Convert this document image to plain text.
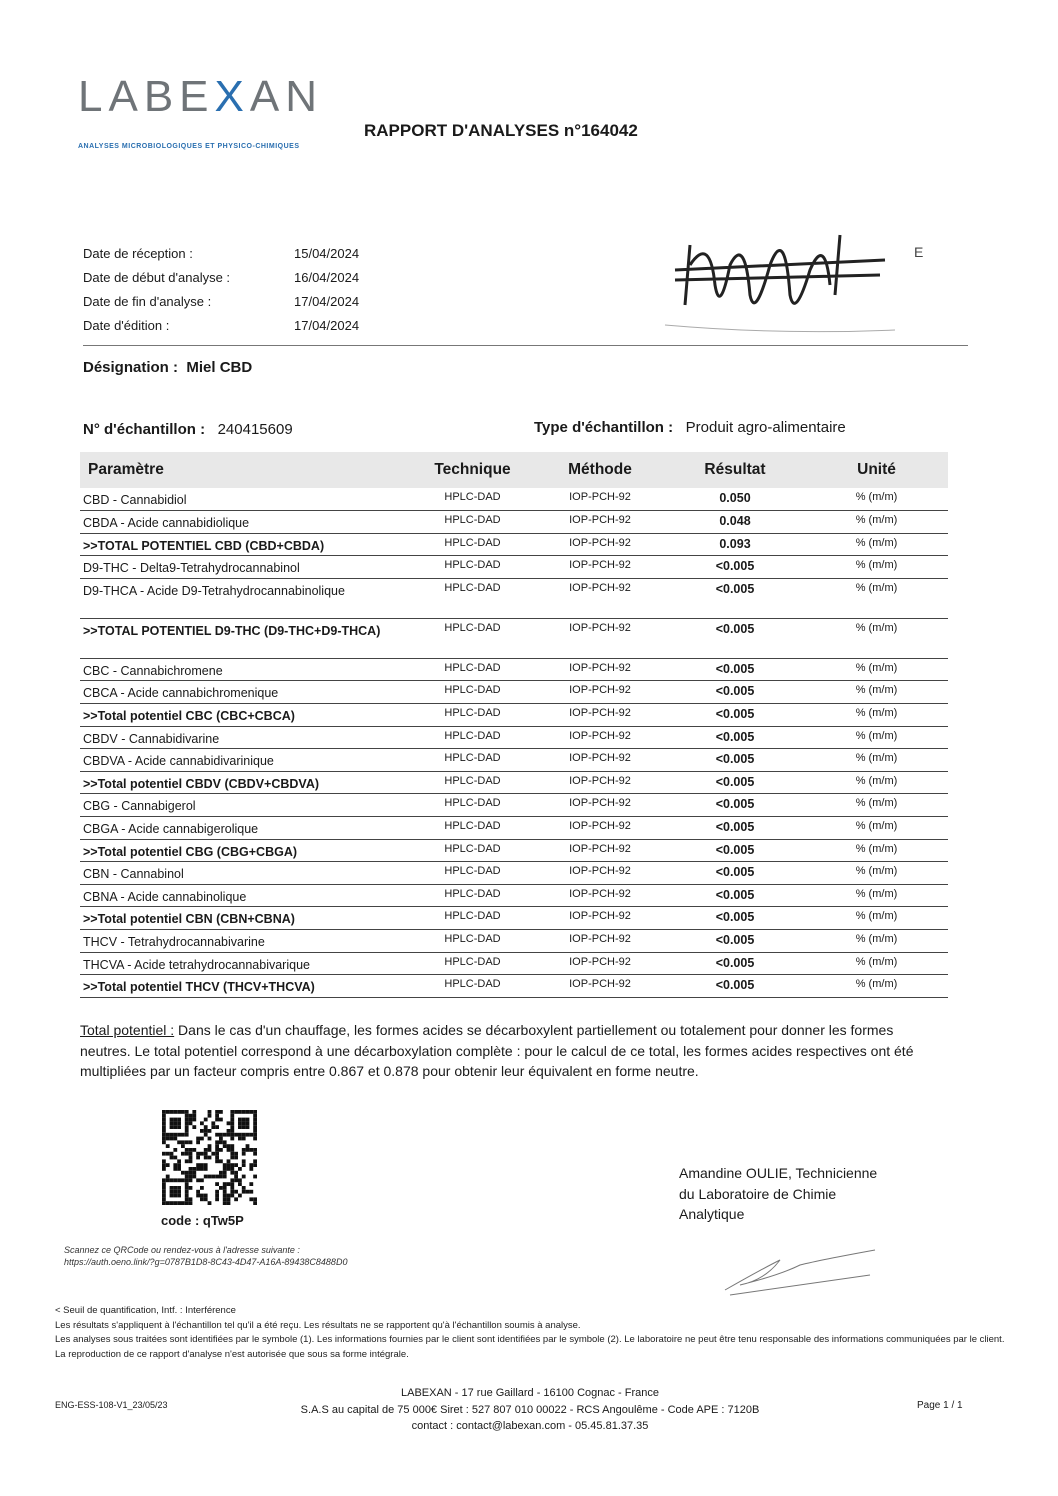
LABEXAN
ANALYSES MICROBIOLOGIQUES ET PHYSICO-CHIMIQUES
RAPPORT D'ANALYSES n°164042
Date de réception :	15/04/2024
Date de début d'analyse :	16/04/2024
Date de fin d'analyse :	17/04/2024
Date d'édition :	17/04/2024
E
Désignation : Miel CBD
N° d'échantillon : 240415609	Type d'échantillon : Produit agro-alimentaire
Paramètre	Technique	Méthode	Résultat	Unité
CBD - Cannabidiol	HPLC-DAD	IOP-PCH-92	0.050	% (m/m)
CBDA - Acide cannabidiolique	HPLC-DAD	IOP-PCH-92	0.048	% (m/m)
>>TOTAL POTENTIEL CBD (CBD+CBDA)	HPLC-DAD	IOP-PCH-92	0.093	% (m/m)
D9-THC - Delta9-Tetrahydrocannabinol	HPLC-DAD	IOP-PCH-92	<0.005	% (m/m)
D9-THCA - Acide D9-Tetrahydrocannabinolique	HPLC-DAD	IOP-PCH-92	<0.005	% (m/m)
>>TOTAL POTENTIEL D9-THC (D9-THC+D9-THCA)	HPLC-DAD	IOP-PCH-92	<0.005	% (m/m)
CBC - Cannabichromene	HPLC-DAD	IOP-PCH-92	<0.005	% (m/m)
CBCA - Acide cannabichromenique	HPLC-DAD	IOP-PCH-92	<0.005	% (m/m)
>>Total potentiel CBC (CBC+CBCA)	HPLC-DAD	IOP-PCH-92	<0.005	% (m/m)
CBDV - Cannabidivarine	HPLC-DAD	IOP-PCH-92	<0.005	% (m/m)
CBDVA - Acide cannabidivarinique	HPLC-DAD	IOP-PCH-92	<0.005	% (m/m)
>>Total potentiel CBDV (CBDV+CBDVA)	HPLC-DAD	IOP-PCH-92	<0.005	% (m/m)
CBG - Cannabigerol	HPLC-DAD	IOP-PCH-92	<0.005	% (m/m)
CBGA - Acide cannabigerolique	HPLC-DAD	IOP-PCH-92	<0.005	% (m/m)
>>Total potentiel CBG (CBG+CBGA)	HPLC-DAD	IOP-PCH-92	<0.005	% (m/m)
CBN - Cannabinol	HPLC-DAD	IOP-PCH-92	<0.005	% (m/m)
CBNA - Acide cannabinolique	HPLC-DAD	IOP-PCH-92	<0.005	% (m/m)
>>Total potentiel CBN (CBN+CBNA)	HPLC-DAD	IOP-PCH-92	<0.005	% (m/m)
THCV - Tetrahydrocannabivarine	HPLC-DAD	IOP-PCH-92	<0.005	% (m/m)
THCVA - Acide tetrahydrocannabivarique	HPLC-DAD	IOP-PCH-92	<0.005	% (m/m)
>>Total potentiel THCV (THCV+THCVA)	HPLC-DAD	IOP-PCH-92	<0.005	% (m/m)
Total potentiel : Dans le cas d'un chauffage, les formes acides se décarboxylent partiellement ou totalement pour donner les formes neutres. Le total potentiel correspond à une décarboxylation complète : pour le calcul de ce total, les formes acides respectives ont été multipliées par un facteur compris entre 0.867 et 0.878 pour obtenir leur équivalent en forme neutre.
code : qTw5P
Scannez ce QRCode ou rendez-vous à l'adresse suivante :
https://auth.oeno.link/?g=0787B1D8-8C43-4D47-A16A-89438C8488D0
Amandine OULIE, Technicienne
du Laboratoire de Chimie
Analytique
< Seuil de quantification, Intf. : Interférence
Les résultats s'appliquent à l'échantillon tel qu'il a été reçu. Les résultats ne se rapportent qu'à l'échantillon soumis à analyse.
Les analyses sous traitées sont identifiées par le symbole (1). Les informations fournies par le client sont identifiées par le symbole (2). Le laboratoire ne peut être tenu responsable des informations communiquées par le client.
La reproduction de ce rapport d'analyse n'est autorisée que sous sa forme intégrale.
ENG-ESS-108-V1_23/05/23
LABEXAN - 17 rue Gaillard - 16100 Cognac - France
S.A.S au capital de 75 000€ Siret : 527 807 010 00022 - RCS Angoulême - Code APE : 7120B
contact : contact@labexan.com - 05.45.81.37.35
Page 1 / 1
